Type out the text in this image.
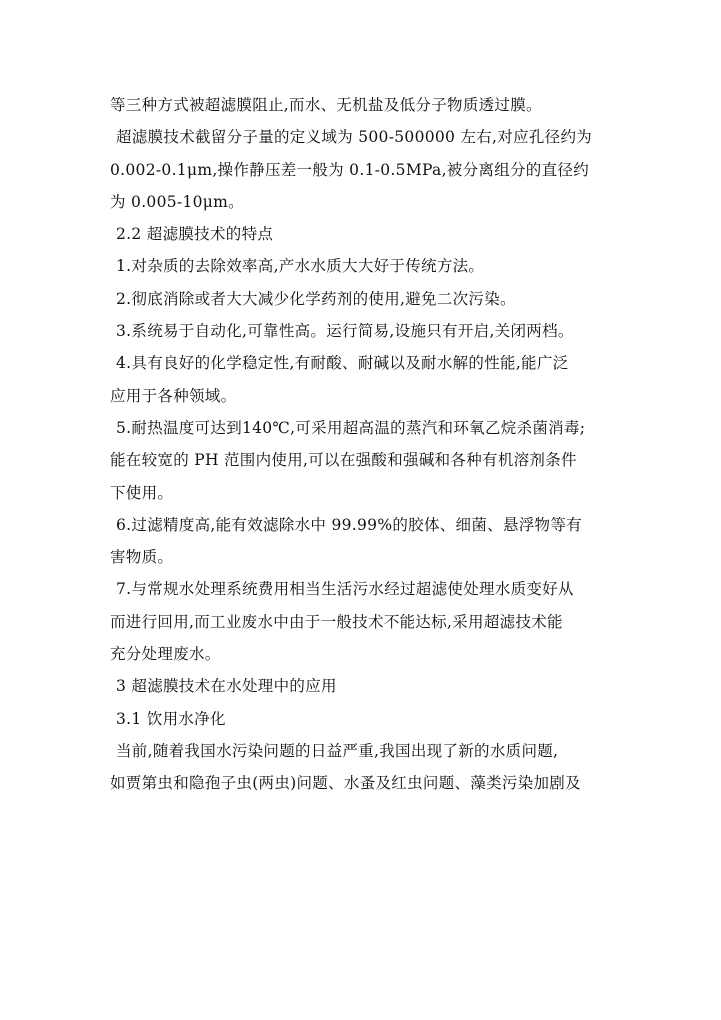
等三种方式被超滤膜阻止,而水、无机盐及低分子物质透过膜。
超滤膜技术截留分子量的定义域为 500-500000 左右,对应孔径约为
0.002-0.1μm,操作静压差一般为 0.1-0.5MPa,被分离组分的直径约
为 0.005-10μm。
2.2 超滤膜技术的特点
1.对杂质的去除效率高,产水水质大大好于传统方法。
2.彻底消除或者大大减少化学药剂的使用,避免二次污染。
3.系统易于自动化,可靠性高。运行简易,设施只有开启,关闭两档。
4.具有良好的化学稳定性,有耐酸、耐碱以及耐水解的性能,能广泛
应用于各种领域。
5.耐热温度可达到140℃,可采用超高温的蒸汽和环氧乙烷杀菌消毒;
能在较宽的 PH 范围内使用,可以在强酸和强碱和各种有机溶剂条件
下使用。
6.过滤精度高,能有效滤除水中 99.99%的胶体、细菌、悬浮物等有
害物质。
7.与常规水处理系统费用相当生活污水经过超滤使处理水质变好从
而进行回用,而工业废水中由于一般技术不能达标,采用超滤技术能
充分处理废水。
3 超滤膜技术在水处理中的应用
3.1 饮用水净化
当前,随着我国水污染问题的日益严重,我国出现了新的水质问题,
如贾第虫和隐孢子虫(两虫)问题、水蚤及红虫问题、藻类污染加剧及
